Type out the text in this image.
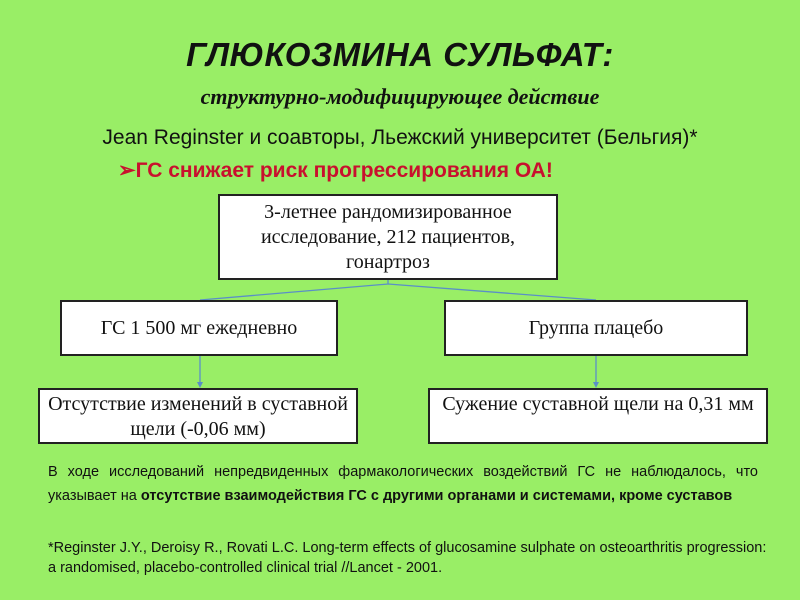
ГЛЮКОЗМИНА СУЛЬФАТ:
структурно-модифицирующее действие
Jean Reginster и соавторы, Льежский университет (Бельгия)*
➢ГС снижает риск прогрессирования ОА!
3-летнее рандомизированное исследование, 212 пациентов, гонартроз
ГС 1 500 мг ежедневно	Группа плацебо
Отсутствие изменений в суставной щели (-0,06 мм)
Сужение суставной щели на 0,31 мм
В ходе исследований непредвиденных фармакологических воздействий ГС не наблюдалось, что указывает на отсутствие взаимодействия ГС с другими органами и системами, кроме суставов
*Reginster J.Y., Deroisy R., Rovati L.C. Long-term effects of glucosamine sulphate on osteoarthritis progression: a randomised, placebo-controlled clinical trial //Lancet - 2001.
